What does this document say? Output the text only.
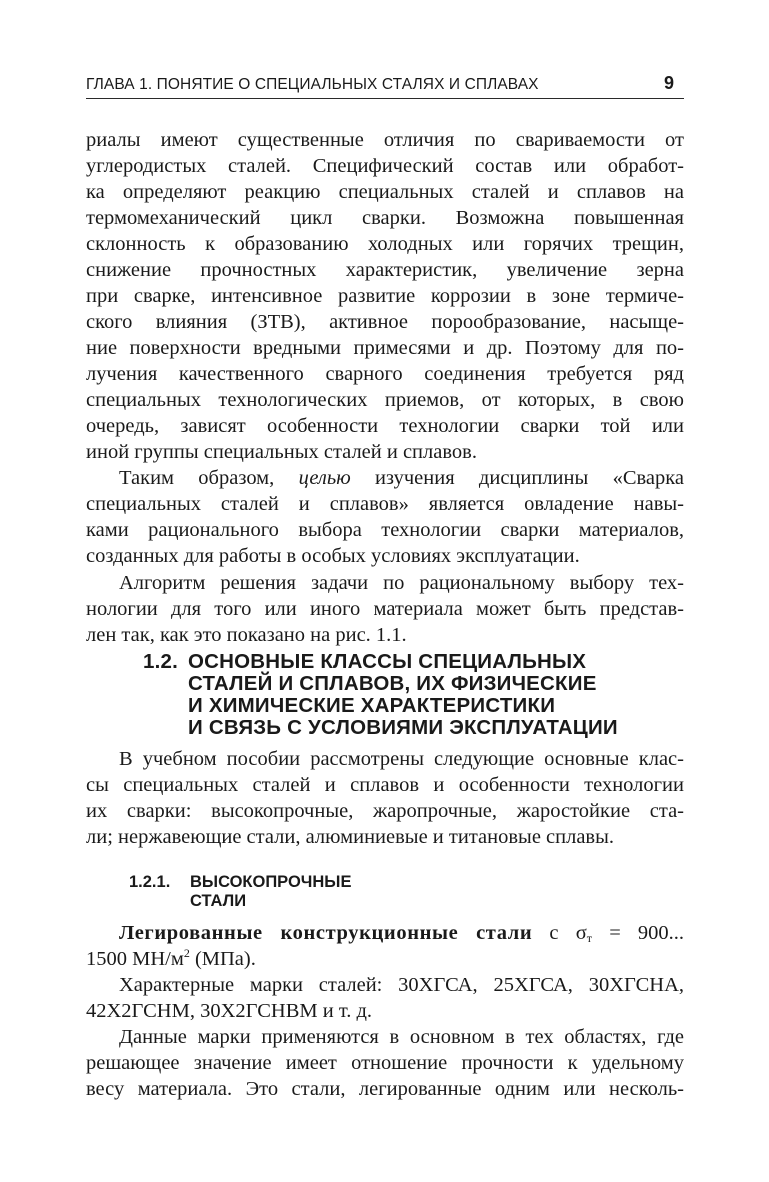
ГЛАВА 1. ПОНЯТИЕ О СПЕЦИАЛЬНЫХ СТАЛЯХ И СПЛАВАХ	9
риалы имеют существенные отличия по свариваемости от
углеродистых сталей. Специфический состав или обработ-
ка определяют реакцию специальных сталей и сплавов на
термомеханический цикл сварки. Возможна повышенная
склонность к образованию холодных или горячих трещин,
снижение прочностных характеристик, увеличение зерна
при сварке, интенсивное развитие коррозии в зоне термиче-
ского влияния (ЗТВ), активное порообразование, насыще-
ние поверхности вредными примесями и др. Поэтому для по-
лучения качественного сварного соединения требуется ряд
специальных технологических приемов, от которых, в свою
очередь, зависят особенности технологии сварки той или
иной группы специальных сталей и сплавов.
Таким образом, целью изучения дисциплины «Сварка
специальных сталей и сплавов» является овладение навы-
ками рационального выбора технологии сварки материалов,
созданных для работы в особых условиях эксплуатации.
Алгоритм решения задачи по рациональному выбору тех-
нологии для того или иного материала может быть представ-
лен так, как это показано на рис. 1.1.
1.2. ОСНОВНЫЕ КЛАССЫ СПЕЦИАЛЬНЫХ
СТАЛЕЙ И СПЛАВОВ, ИХ ФИЗИЧЕСКИЕ
И ХИМИЧЕСКИЕ ХАРАКТЕРИСТИКИ
И СВЯЗЬ С УСЛОВИЯМИ ЭКСПЛУАТАЦИИ
В учебном пособии рассмотрены следующие основные клас-
сы специальных сталей и сплавов и особенности технологии
их сварки: высокопрочные, жаропрочные, жаростойкие ста-
ли; нержавеющие стали, алюминиевые и титановые сплавы.
1.2.1. ВЫСОКОПРОЧНЫЕ
СТАЛИ
Легированные конструкционные стали с $\sigma_т = 900$...
1500 $МН/м^2$ (МПа).
Характерные марки сталей: 30ХГСА, 25ХГСА, 30ХГСНА,
42Х2ГСНМ, 30Х2ГСНВМ и т. д.
Данные марки применяются в основном в тех областях, где
решающее значение имеет отношение прочности к удельному
весу материала. Это стали, легированные одним или несколь-
